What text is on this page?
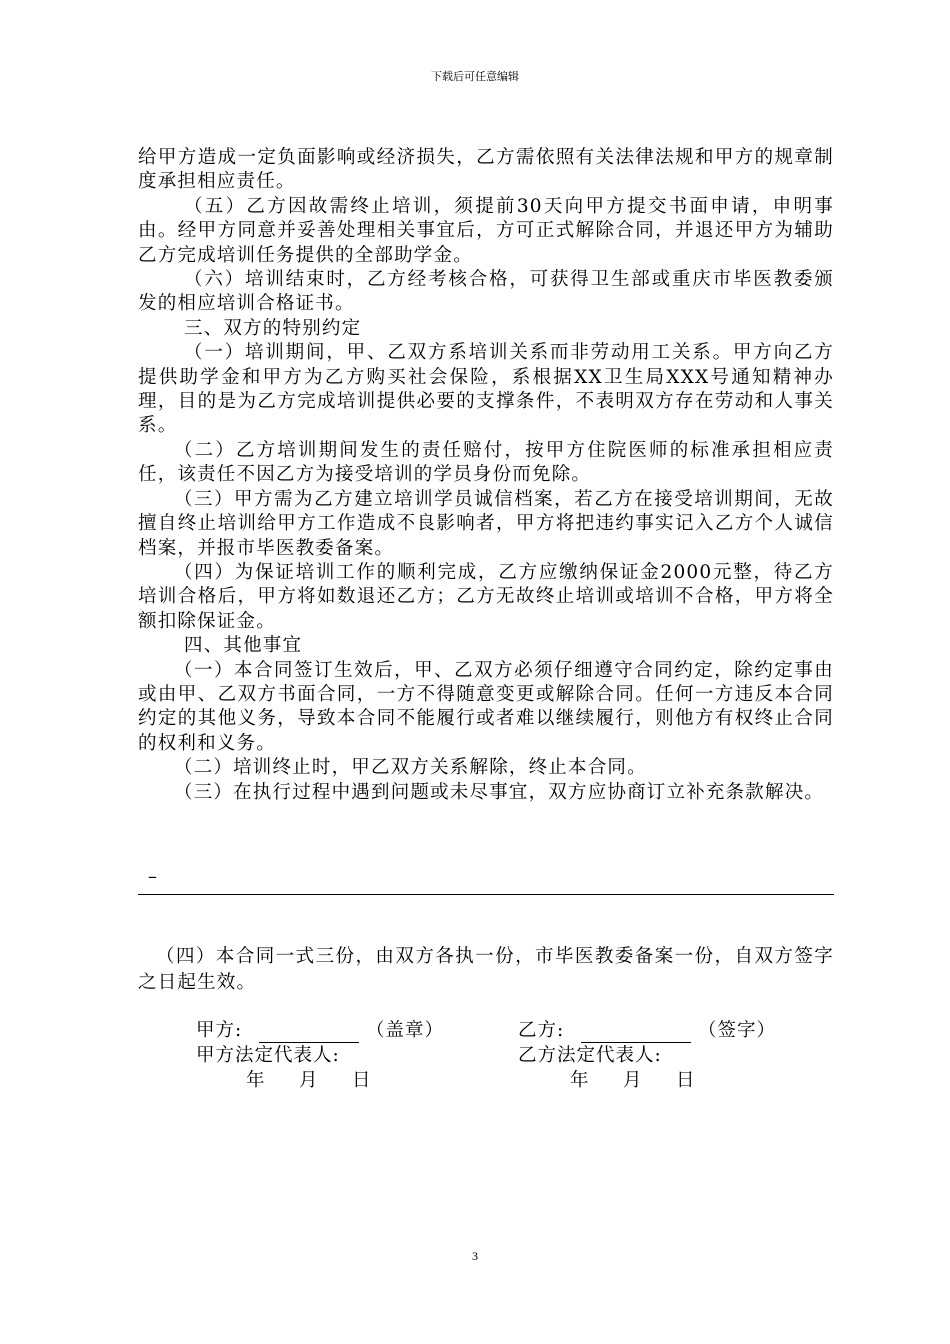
下载后可任意编辑

给甲方造成一定负面影响或经济损失，乙方需依照有关法律法规和甲方的规章制度承担相应责任。

（五）乙方因故需终止培训，须提前30天向甲方提交书面申请，申明事由。经甲方同意并妥善处理相关事宜后，方可正式解除合同，并退还甲方为辅助乙方完成培训任务提供的全部助学金。

（六）培训结束时，乙方经考核合格，可获得卫生部或重庆市毕医教委颁发的相应培训合格证书。

三、双方的特别约定

（一）培训期间，甲、乙双方系培训关系而非劳动用工关系。甲方向乙方提供助学金和甲方为乙方购买社会保险，系根据XX卫生局XXX号通知精神办理，目的是为乙方完成培训提供必要的支撑条件，不表明双方存在劳动和人事关系。

（二）乙方培训期间发生的责任赔付，按甲方住院医师的标准承担相应责任，该责任不因乙方为接受培训的学员身份而免除。

（三）甲方需为乙方建立培训学员诚信档案，若乙方在接受培训期间，无故擅自终止培训给甲方工作造成不良影响者，甲方将把违约事实记入乙方个人诚信档案，并报市毕医教委备案。

（四）为保证培训工作的顺利完成，乙方应缴纳保证金2000元整，待乙方培训合格后，甲方将如数退还乙方；乙方无故终止培训或培训不合格，甲方将全额扣除保证金。

四、其他事宜

（一）本合同签订生效后，甲、乙双方必须仔细遵守合同约定，除约定事由或由甲、乙双方书面合同，一方不得随意变更或解除合同。任何一方违反本合同约定的其他义务，导致本合同不能履行或者难以继续履行，则他方有权终止合同的权利和义务。

（二）培训终止时，甲乙双方关系解除，终止本合同。

（三）在执行过程中遇到问题或未尽事宜，双方应协商订立补充条款解决。

–

（四）本合同一式三份，由双方各执一份，市毕医教委备案一份，自双方签字之日起生效。

甲方:	（盖章）
甲方法定代表人:
年　月　日
乙方:	（签字）
乙方法定代表人:
年　月　日
3
